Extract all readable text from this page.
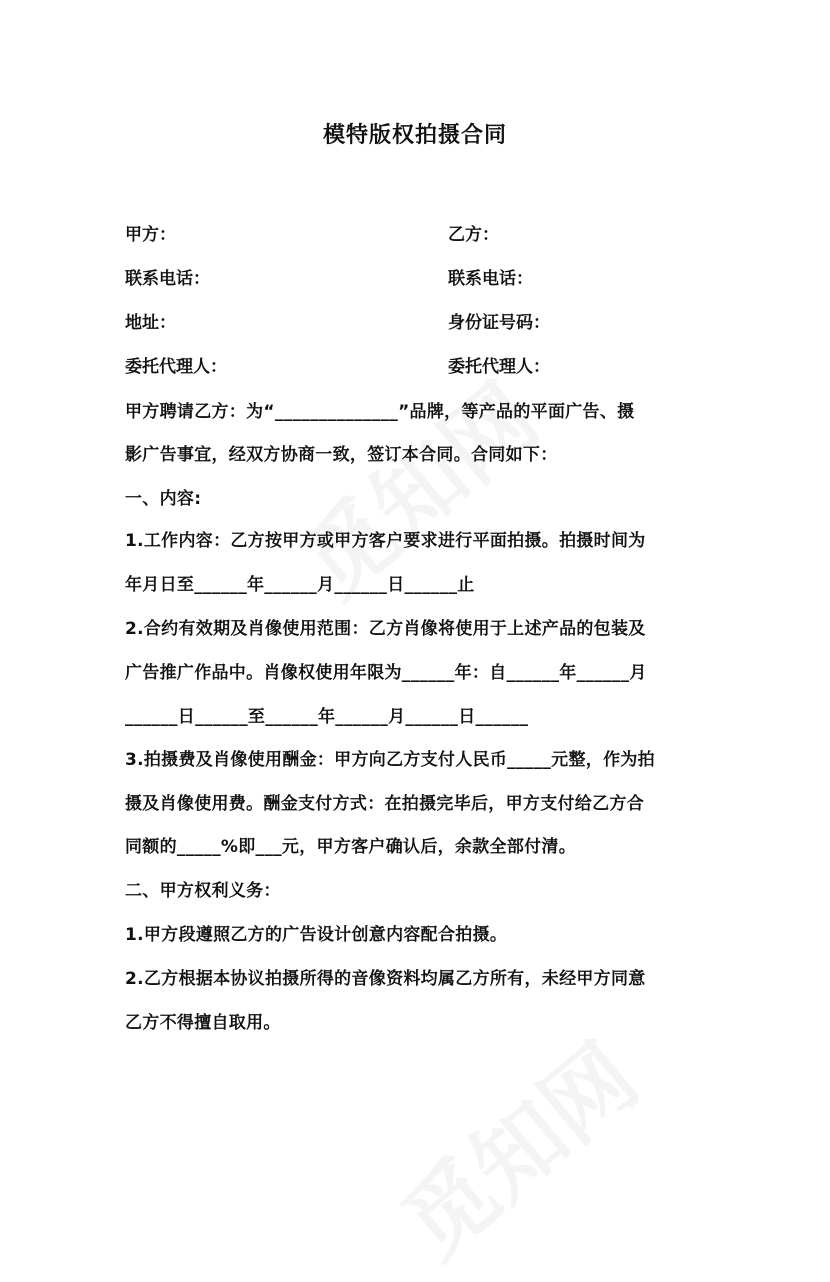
模特版权拍摄合同
甲方：	乙方：
联系电话：	联系电话：
地址：	身份证号码：
委托代理人：	委托代理人：
甲方聘请乙方：为“______________”品牌，等产品的平面广告、摄
影广告事宜，经双方协商一致，签订本合同。合同如下：
一、内容:
1.工作内容：乙方按甲方或甲方客户要求进行平面拍摄。拍摄时间为
年月日至______年______月______日______止
2.合约有效期及肖像使用范围：乙方肖像将使用于上述产品的包装及
广告推广作品中。肖像权使用年限为______年：自______年______月
______日______至______年______月______日______
3.拍摄费及肖像使用酬金：甲方向乙方支付人民币_____元整，作为拍
摄及肖像使用费。酬金支付方式：在拍摄完毕后，甲方支付给乙方合
同额的_____%即___元，甲方客户确认后，余款全部付清。
二、甲方权利义务：
1.甲方段遵照乙方的广告设计创意内容配合拍摄。
2.乙方根据本协议拍摄所得的音像资料均属乙方所有，未经甲方同意
乙方不得擅自取用。
